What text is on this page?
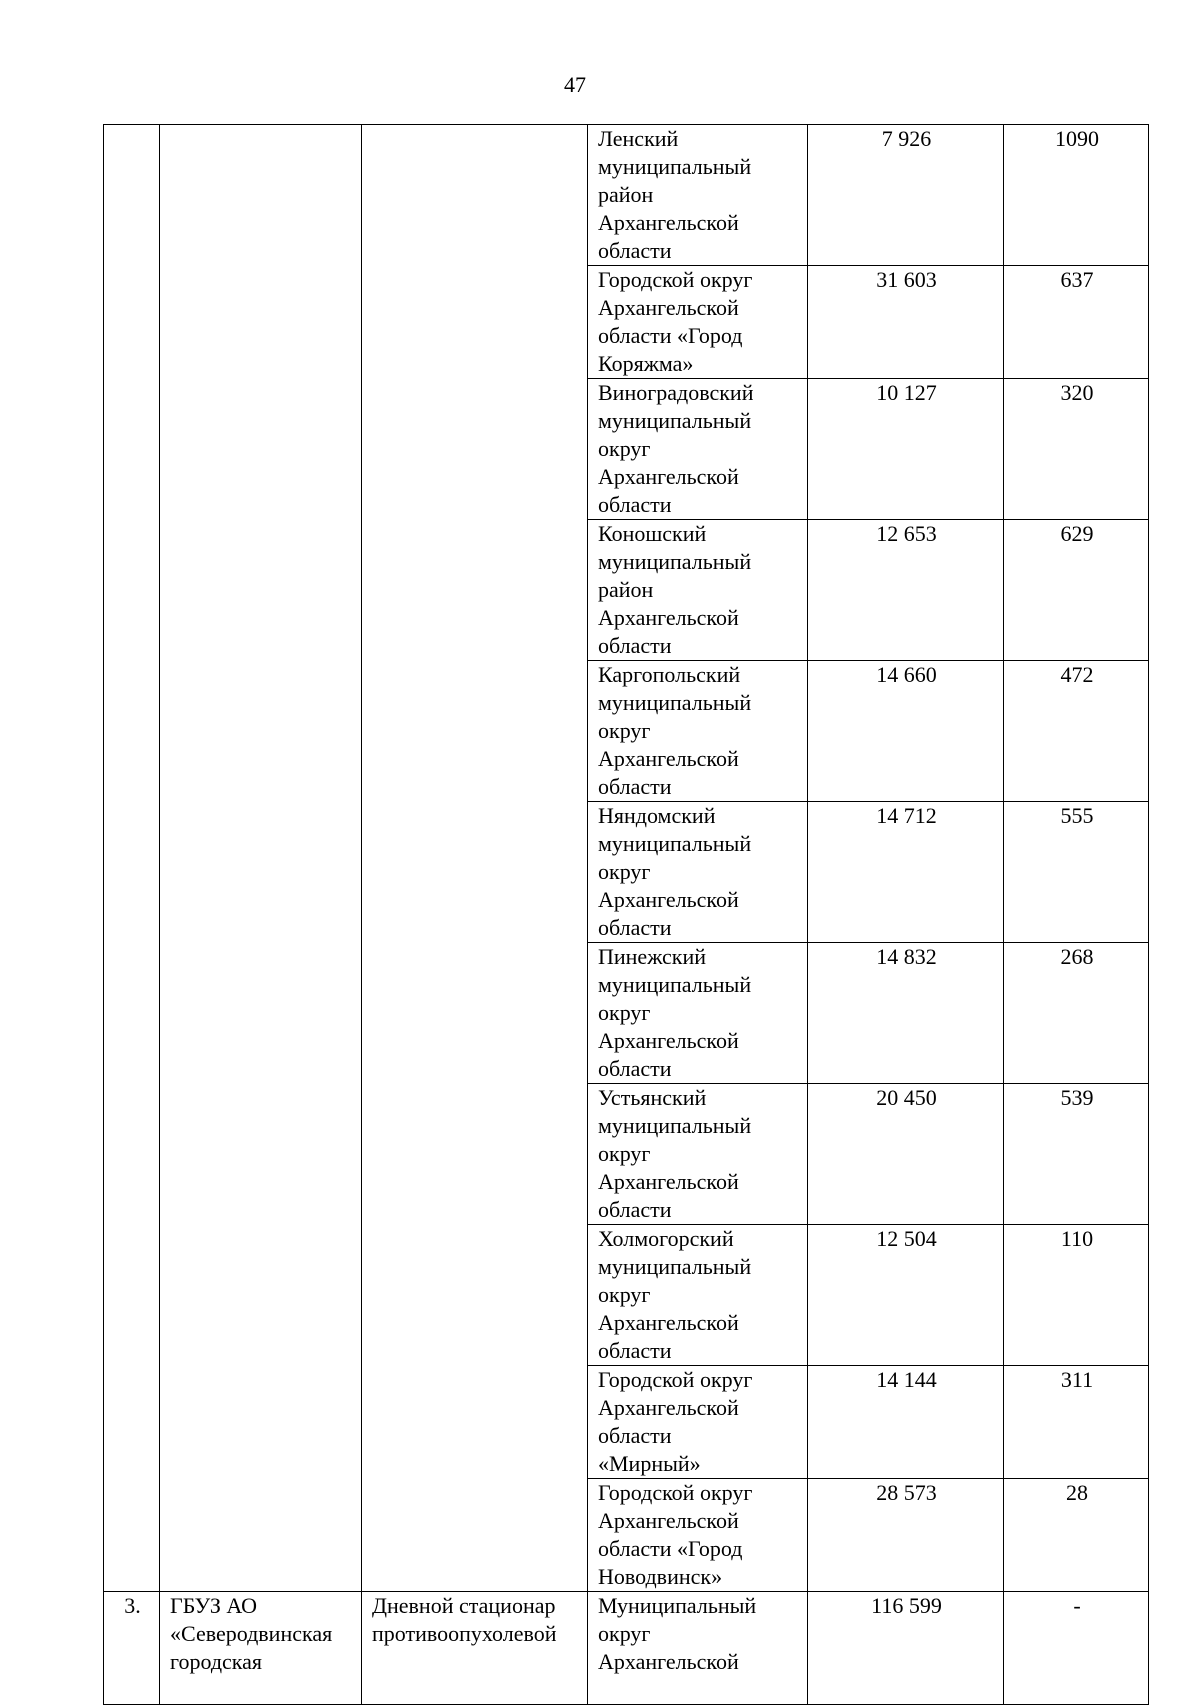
47
			Ленский
муниципальный
район
Архангельской
области	7 926	1090
			Городской округ
Архангельской
области «Город
Коряжма»	31 603	637
			Виноградовский
муниципальный
округ
Архангельской
области	10 127	320
			Коношский
муниципальный
район
Архангельской
области	12 653	629
			Каргопольский
муниципальный
округ
Архангельской
области	14 660	472
			Няндомский
муниципальный
округ
Архангельской
области	14 712	555
			Пинежский
муниципальный
округ
Архангельской
области	14 832	268
			Устьянский
муниципальный
округ
Архангельской
области	20 450	539
			Холмогорский
муниципальный
округ
Архангельской
области	12 504	110
			Городской округ
Архангельской
области
«Мирный»	14 144	311
			Городской округ
Архангельской
области «Город
Новодвинск»	28 573	28
3.	ГБУЗ АО
«Северодвинская
городская	Дневной стационар
противоопухолевой	Муниципальный
округ
Архангельской	116 599	-
